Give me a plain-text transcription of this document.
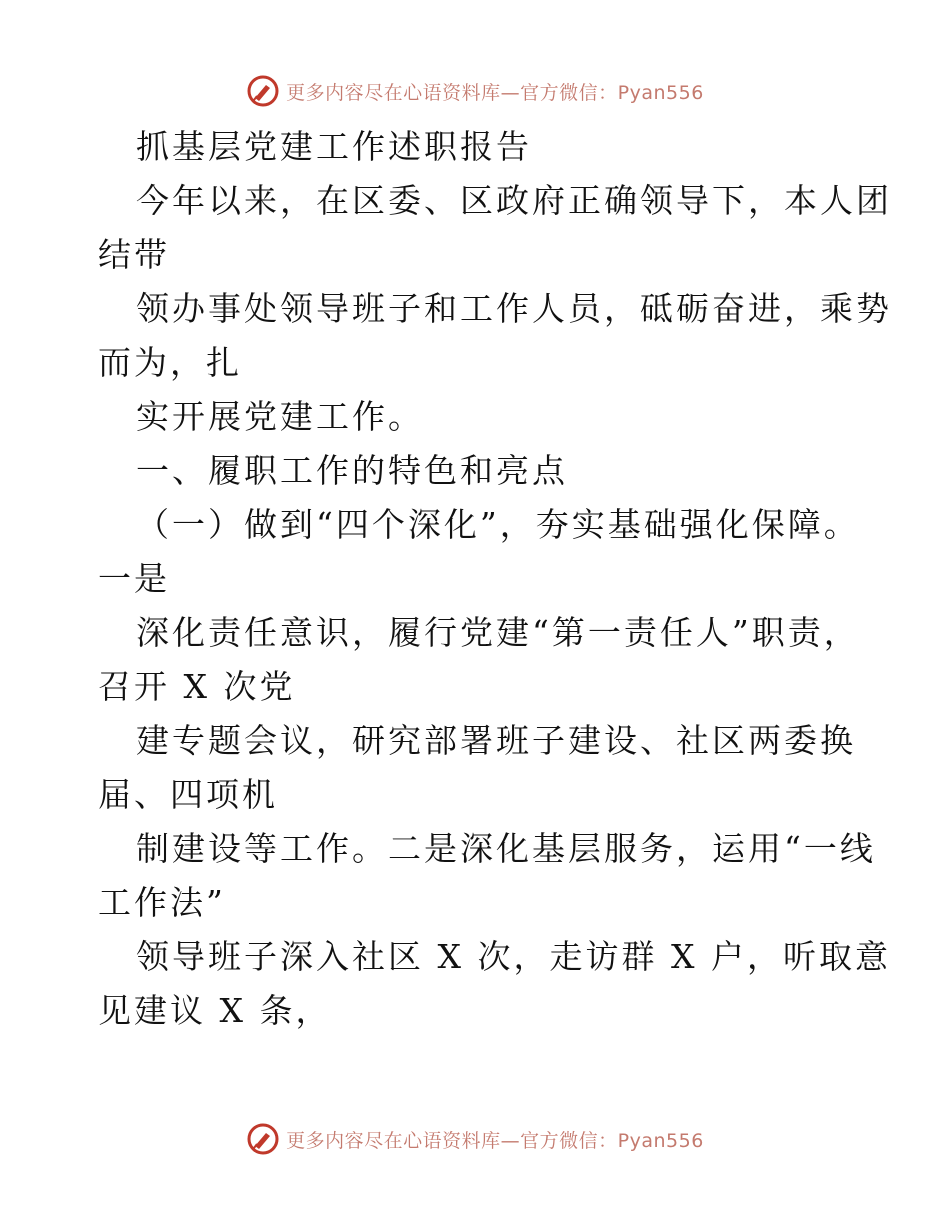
更多内容尽在心语资料库—官方微信：Pyan556
抓基层党建工作述职报告
今年以来，在区委、区政府正确领导下，本人团
结带
领办事处领导班子和工作人员，砥砺奋进，乘势
而为，扎
实开展党建工作。
一、履职工作的特色和亮点
（一）做到“四个深化”，夯实基础强化保障。
一是
深化责任意识，履行党建“第一责任人”职责，
召开 X 次党
建专题会议，研究部署班子建设、社区两委换
届、四项机
制建设等工作。二是深化基层服务，运用“一线
工作法”
领导班子深入社区 X 次，走访群 X 户，听取意
见建议 X 条，
更多内容尽在心语资料库—官方微信：Pyan556
